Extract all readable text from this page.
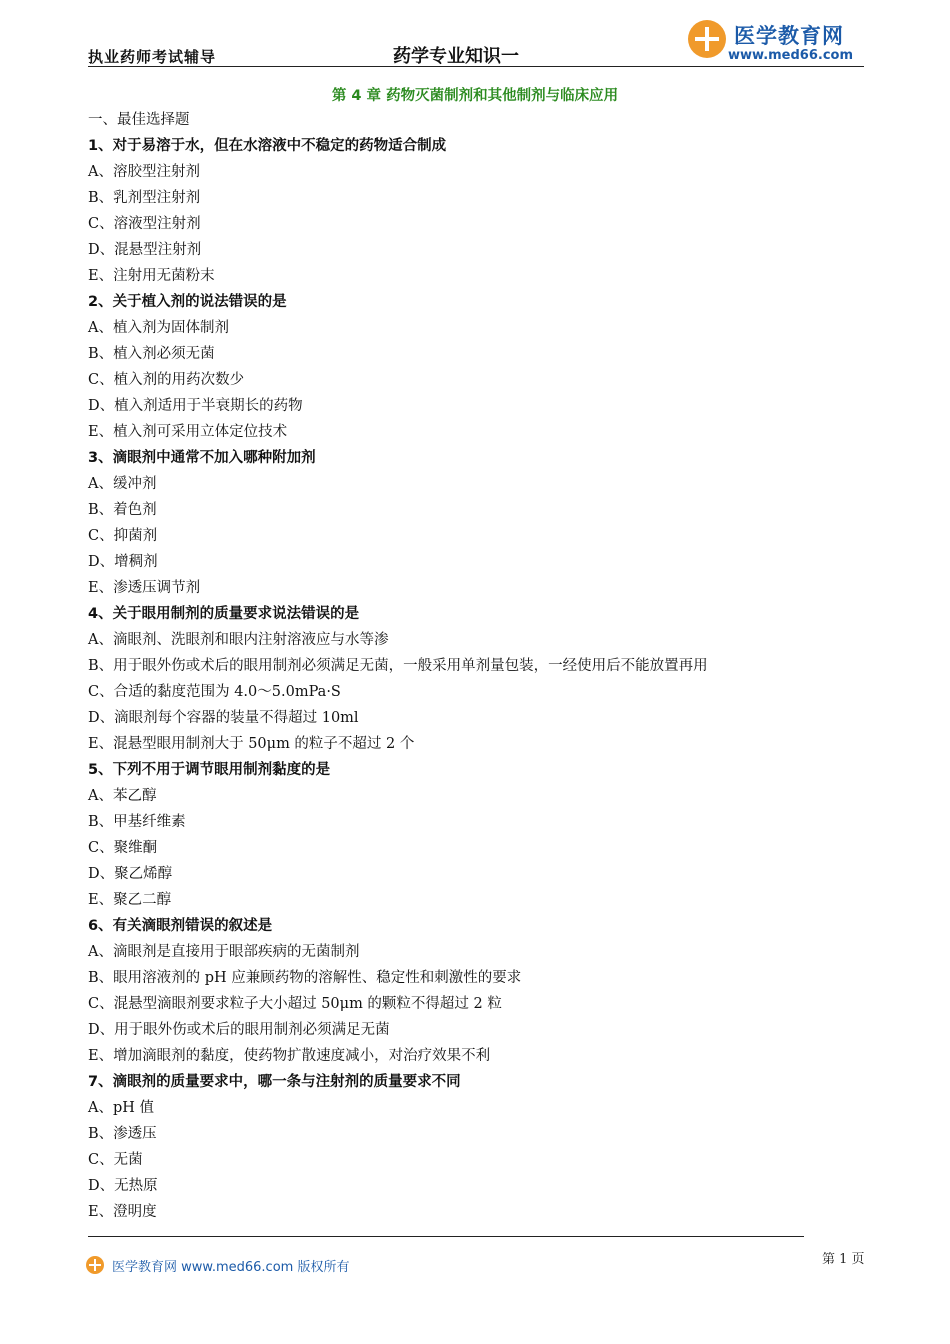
执业药师考试辅导	药学专业知识一
医学教育网
www.med66.com
第 4 章 药物灭菌制剂和其他制剂与临床应用
一、最佳选择题
1、对于易溶于水，但在水溶液中不稳定的药物适合制成
A、溶胶型注射剂
B、乳剂型注射剂
C、溶液型注射剂
D、混悬型注射剂
E、注射用无菌粉末
2、关于植入剂的说法错误的是
A、植入剂为固体制剂
B、植入剂必须无菌
C、植入剂的用药次数少
D、植入剂适用于半衰期长的药物
E、植入剂可采用立体定位技术
3、滴眼剂中通常不加入哪种附加剂
A、缓冲剂
B、着色剂
C、抑菌剂
D、增稠剂
E、渗透压调节剂
4、关于眼用制剂的质量要求说法错误的是
A、滴眼剂、洗眼剂和眼内注射溶液应与水等渗
B、用于眼外伤或术后的眼用制剂必须满足无菌，一般采用单剂量包装，一经使用后不能放置再用
C、合适的黏度范围为 4.0～5.0mPa·S
D、滴眼剂每个容器的装量不得超过 10ml
E、混悬型眼用制剂大于 50μm 的粒子不超过 2 个
5、下列不用于调节眼用制剂黏度的是
A、苯乙醇
B、甲基纤维素
C、聚维酮
D、聚乙烯醇
E、聚乙二醇
6、有关滴眼剂错误的叙述是
A、滴眼剂是直接用于眼部疾病的无菌制剂
B、眼用溶液剂的 pH 应兼顾药物的溶解性、稳定性和刺激性的要求
C、混悬型滴眼剂要求粒子大小超过 50μm 的颗粒不得超过 2 粒
D、用于眼外伤或术后的眼用制剂必须满足无菌
E、增加滴眼剂的黏度，使药物扩散速度减小，对治疗效果不利
7、滴眼剂的质量要求中，哪一条与注射剂的质量要求不同
A、pH 值
B、渗透压
C、无菌
D、无热原
E、澄明度
医学教育网 www.med66.com 版权所有
第 1 页
